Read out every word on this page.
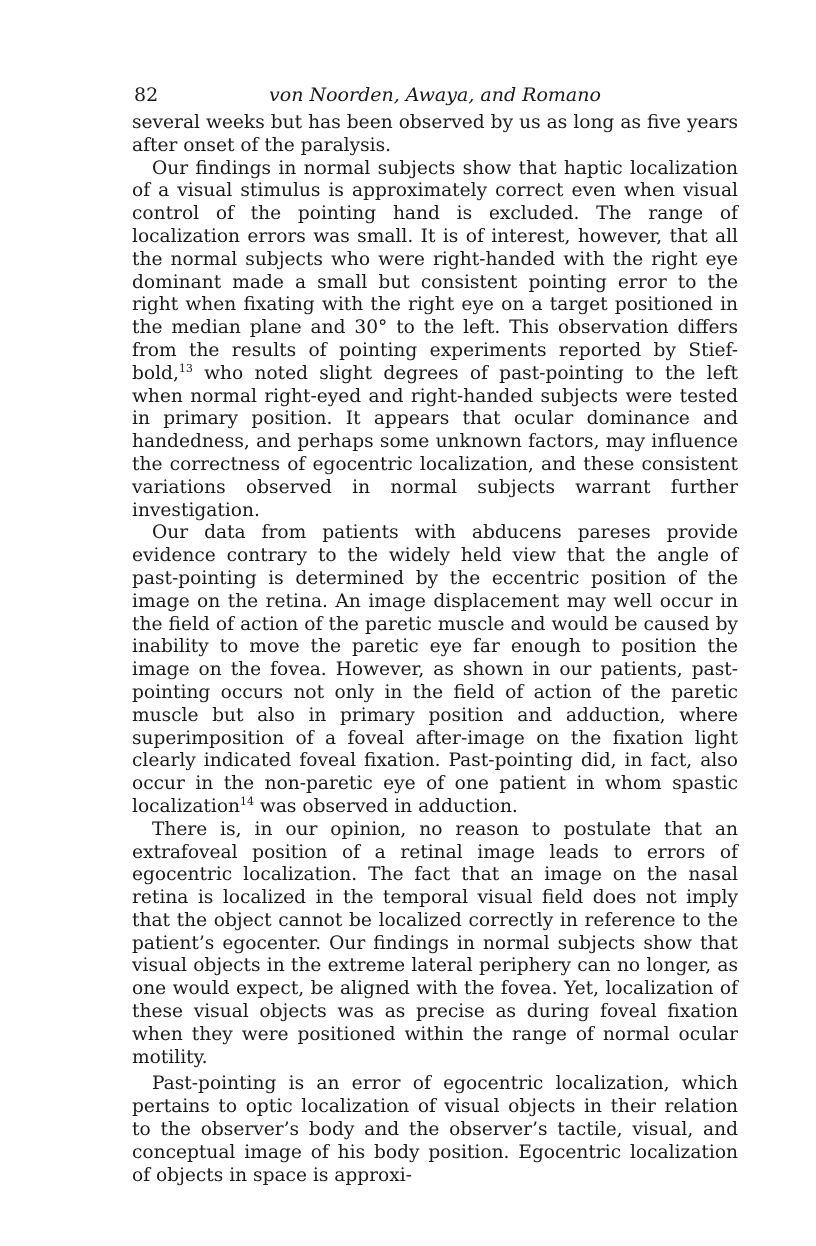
82	von Noorden, Awaya, and Romano

several weeks but has been observed by us as long as five years after onset of the paralysis.

Our findings in normal subjects show that haptic localization of a visual stimulus is approximately correct even when visual control of the pointing hand is excluded. The range of localization errors was small. It is of interest, however, that all the normal subjects who were right-handed with the right eye dominant made a small but consistent pointing error to the right when fixating with the right eye on a target positioned in the median plane and 30° to the left. This observation differs from the results of pointing experiments reported by Stief-bold,$^{13}$ who noted slight degrees of past-pointing to the left when normal right-eyed and right-handed subjects were tested in primary position. It appears that ocular dominance and handedness, and perhaps some unknown factors, may influence the correctness of egocentric localization, and these consistent variations observed in normal subjects warrant further investigation.

Our data from patients with abducens pareses provide evidence contrary to the widely held view that the angle of past-pointing is determined by the eccentric position of the image on the retina. An image displacement may well occur in the field of action of the paretic muscle and would be caused by inability to move the paretic eye far enough to position the image on the fovea. However, as shown in our patients, past-pointing occurs not only in the field of action of the paretic muscle but also in primary position and adduction, where superimposition of a foveal after-image on the fixation light clearly indicated foveal fixation. Past-pointing did, in fact, also occur in the non-paretic eye of one patient in whom spastic localization$^{14}$ was observed in adduction.

There is, in our opinion, no reason to postulate that an extrafoveal position of a retinal image leads to errors of egocentric localization. The fact that an image on the nasal retina is localized in the temporal visual field does not imply that the object cannot be localized correctly in reference to the patient’s egocenter. Our findings in normal subjects show that visual objects in the extreme lateral periphery can no longer, as one would expect, be aligned with the fovea. Yet, localization of these visual objects was as precise as during foveal fixation when they were positioned within the range of normal ocular motility.

Past-pointing is an error of egocentric localization, which pertains to optic localization of visual objects in their relation to the observer’s body and the observer’s tactile, visual, and conceptual image of his body position. Egocentric localization of objects in space is approxi-
